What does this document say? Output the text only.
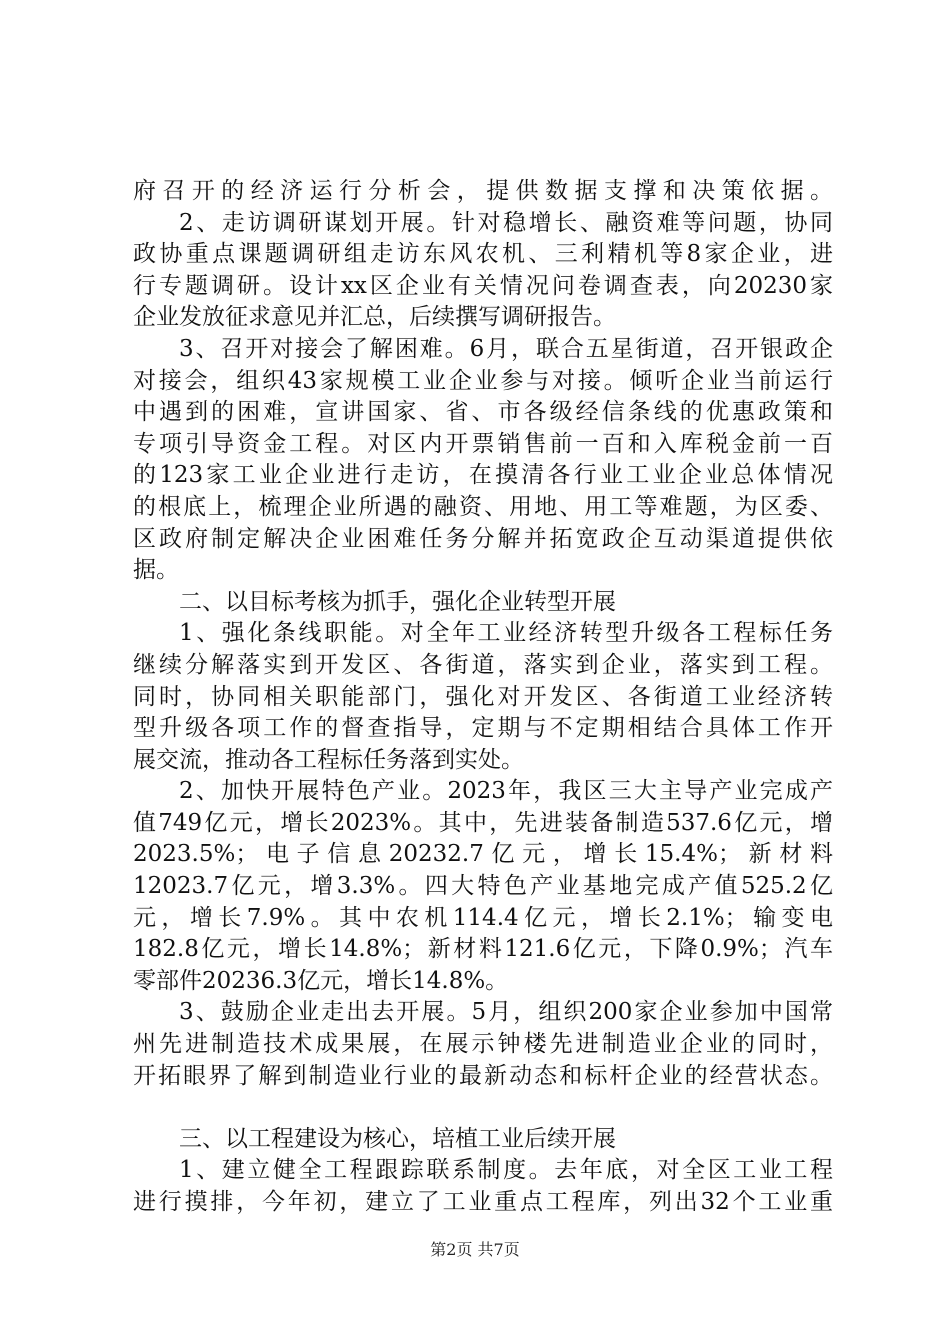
府召开的经济运行分析会，提供数据支撑和决策依据。
2、走访调研谋划开展。针对稳增长、融资难等问题，协同
政协重点课题调研组走访东风农机、三利精机等8家企业，进
行专题调研。设计xx区企业有关情况问卷调查表，向20230家
企业发放征求意见并汇总，后续撰写调研报告。
3、召开对接会了解困难。6月，联合五星街道，召开银政企
对接会，组织43家规模工业企业参与对接。倾听企业当前运行
中遇到的困难，宣讲国家、省、市各级经信条线的优惠政策和
专项引导资金工程。对区内开票销售前一百和入库税金前一百
的123家工业企业进行走访，在摸清各行业工业企业总体情况
的根底上，梳理企业所遇的融资、用地、用工等难题，为区委、
区政府制定解决企业困难任务分解并拓宽政企互动渠道提供依
据。
二、以目标考核为抓手，强化企业转型开展
1、强化条线职能。对全年工业经济转型升级各工程标任务
继续分解落实到开发区、各街道，落实到企业，落实到工程。
同时，协同相关职能部门，强化对开发区、各街道工业经济转
型升级各项工作的督查指导，定期与不定期相结合具体工作开
展交流，推动各工程标任务落到实处。
2、加快开展特色产业。2023年，我区三大主导产业完成产
值749亿元，增长2023%。其中，先进装备制造537.6亿元，增
2023.5%；电子信息20232.7亿元，增长15.4%；新材料
12023.7亿元，增3.3%。四大特色产业基地完成产值525.2亿
元，增长7.9%。其中农机114.4亿元，增长2.1%；输变电
182.8亿元，增长14.8%；新材料121.6亿元，下降0.9%；汽车
零部件20236.3亿元，增长14.8%。
3、鼓励企业走出去开展。5月，组织200家企业参加中国常
州先进制造技术成果展，在展示钟楼先进制造业企业的同时，
开拓眼界了解到制造业行业的最新动态和标杆企业的经营状态。
三、以工程建设为核心，培植工业后续开展
1、建立健全工程跟踪联系制度。去年底，对全区工业工程
进行摸排，今年初，建立了工业重点工程库，列出32个工业重
第2页 共7页
